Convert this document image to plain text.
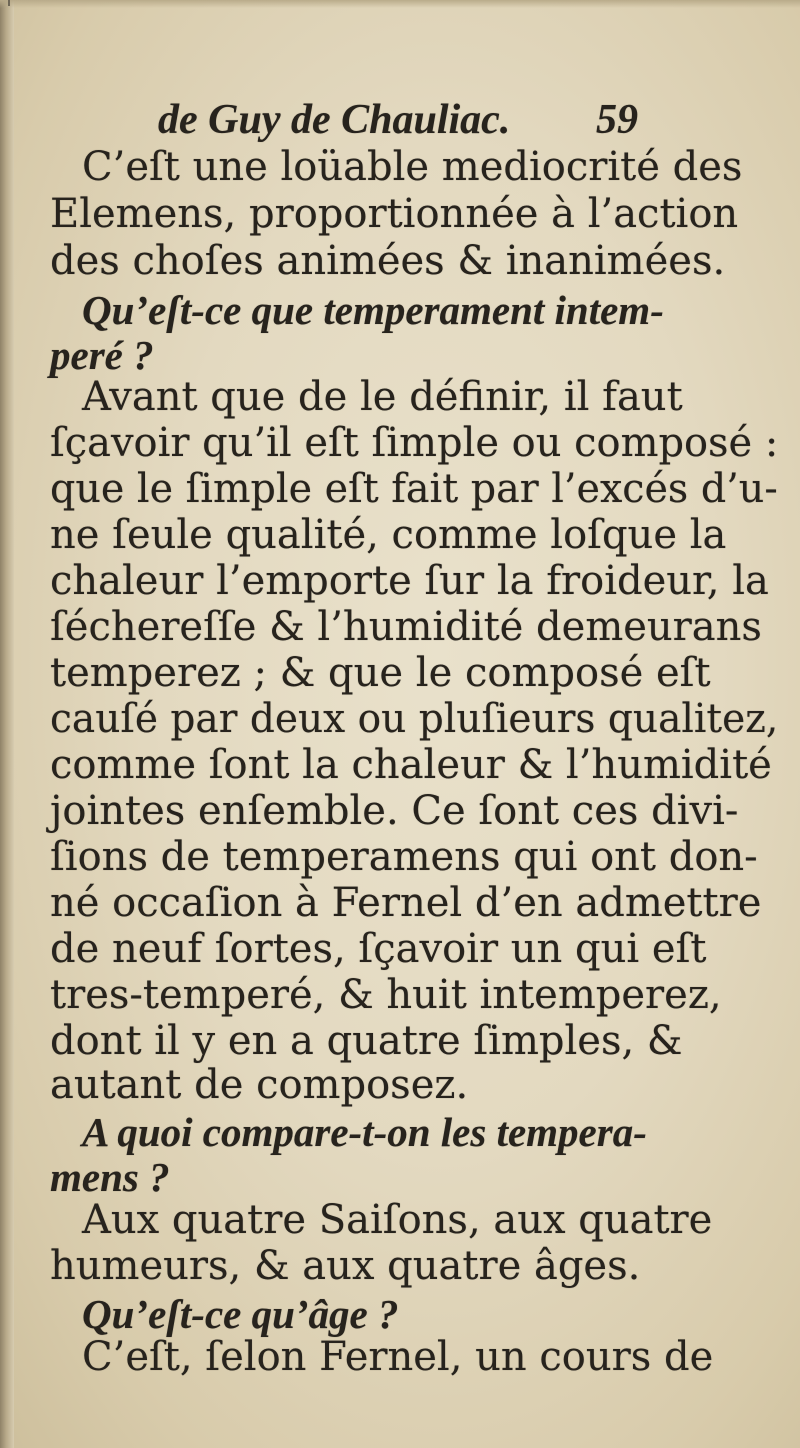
de Guy de Chauliac. 59

C’eſt une loüable mediocrité des

Elemens, proportionnée à l’action

des choſes animées & inanimées.

Qu’eſt-ce que temperament intem-

peré ?

Avant que de le définir, il faut

ſçavoir qu’il eſt ſimple ou composé :

que le ſimple eſt fait par l’excés d’u-

ne ſeule qualité, comme loſque la

chaleur l’emporte ſur la froideur, la

ſéchereſſe & l’humidité demeurans

temperez ; & que le composé eſt

cauſé par deux ou pluſieurs qualitez,

comme ſont la chaleur & l’humidité

jointes enſemble. Ce ſont ces divi-

ſions de temperamens qui ont don-

né occaſion à Fernel d’en admettre

de neuf ſortes, ſçavoir un qui eſt

tres-temperé, & huit intemperez,

dont il y en a quatre ſimples, &

autant de composez.

A quoi compare-t-on les tempera-

mens ?

Aux quatre Saiſons, aux quatre

humeurs, & aux quatre âges.

Qu’eſt-ce qu’âge ?

C’eſt, ſelon Fernel, un cours de
